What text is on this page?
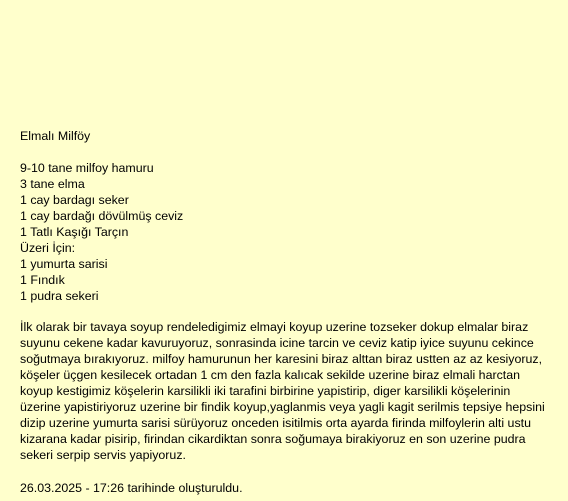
Elmalı Milföy
9-10 tane milfoy hamuru
3 tane elma
1 cay bardagı seker
1 cay bardağı dövülmüş ceviz
1 Tatlı Kaşığı Tarçın
Üzeri İçin:
1 yumurta sarisi
1 Fındık
1 pudra sekeri

İlk olarak bir tavaya soyup rendeledigimiz elmayi koyup uzerine tozseker dokup elmalar biraz suyunu cekene kadar kavuruyoruz, sonrasinda icine tarcin ve ceviz katip iyice suyunu cekince soğutmaya bırakıyoruz. milfoy hamurunun her karesini biraz alttan biraz ustten az az kesiyoruz, köşeler üçgen kesilecek ortadan 1 cm den fazla kalıcak sekilde uzerine biraz elmali harctan koyup kestigimiz köşelerin karsilikli iki tarafini birbirine yapistirip, diger karsilikli köşelerinin üzerine yapistiriyoruz uzerine bir findik koyup,yaglanmis veya yagli kagit serilmis tepsiye hepsini dizip uzerine yumurta sarisi sürüyoruz onceden isitilmis orta ayarda firinda milfoylerin alti ustu kizarana kadar pisirip, firindan cikardiktan sonra soğumaya birakiyoruz en son uzerine pudra sekeri serpip servis yapiyoruz.

26.03.2025 - 17:26 tarihinde oluşturuldu.
